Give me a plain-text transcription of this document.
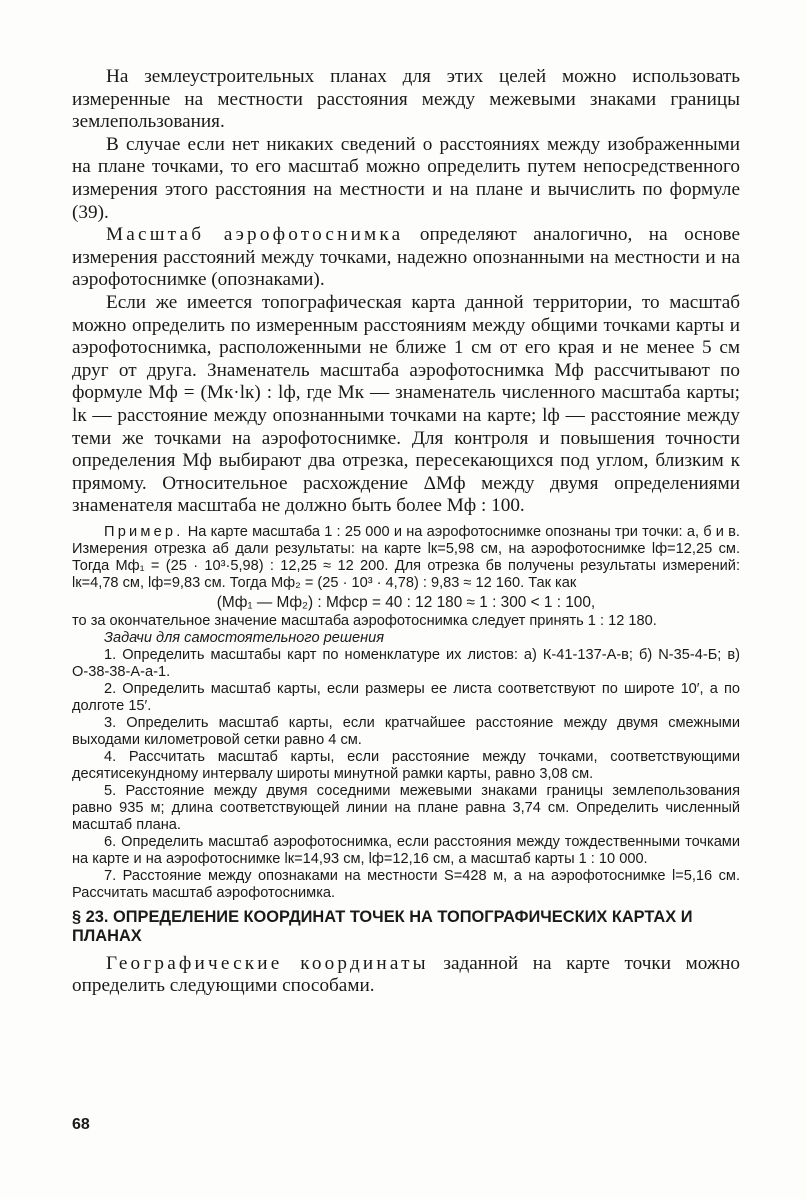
На землеустроительных планах для этих целей можно использовать измеренные на местности расстояния между межевыми знаками границы землепользования.

В случае если нет никаких сведений о расстояниях между изображенными на плане точками, то его масштаб можно определить путем непосредственного измерения этого расстояния на местности и на плане и вычислить по формуле (39).

Масштаб аэрофотоснимка определяют аналогично, на основе измерения расстояний между точками, надежно опознанными на местности и на аэрофотоснимке (опознаками).

Если же имеется топографическая карта данной территории, то масштаб можно определить по измеренным расстояниям между общими точками карты и аэрофотоснимка, расположенными не ближе 1 см от его края и не менее 5 см друг от друга. Знаменатель масштаба аэрофотоснимка Mф рассчитывают по формуле Mф = (Mк·lк) : lф, где Mк — знаменатель численного масштаба карты; lк — расстояние между опознанными точками на карте; lф — расстояние между теми же точками на аэрофотоснимке. Для контроля и повышения точности определения Mф выбирают два отрезка, пересекающихся под углом, близким к прямому. Относительное расхождение ΔMф между двумя определениями знаменателя масштаба не должно быть более Mф : 100.

Пример. На карте масштаба 1 : 25 000 и на аэрофотоснимке опознаны три точки: а, б и в. Измерения отрезка аб дали результаты: на карте lк=5,98 см, на аэрофотоснимке lф=12,25 см. Тогда Mф₁ = (25 · 10³·5,98) : 12,25 ≈ 12 200. Для отрезка бв получены результаты измерений: lк=4,78 см, lф=9,83 см. Тогда Mф₂ = (25 · 10³ · 4,78) : 9,83 ≈ 12 160. Так как

(Mф₁ — Mф₂) : Mфср = 40 : 12 180 ≈ 1 : 300 < 1 : 100,

то за окончательное значение масштаба аэрофотоснимка следует принять 1 : 12 180.

Задачи для самостоятельного решения

1. Определить масштабы карт по номенклатуре их листов: а) К-41-137-А-в; б) N-35-4-Б; в) О-38-38-А-а-1.

2. Определить масштаб карты, если размеры ее листа соответствуют по широте 10′, а по долготе 15′.

3. Определить масштаб карты, если кратчайшее расстояние между двумя смежными выходами километровой сетки равно 4 см.

4. Рассчитать масштаб карты, если расстояние между точками, соответствующими десятисекундному интервалу широты минутной рамки карты, равно 3,08 см.

5. Расстояние между двумя соседними межевыми знаками границы землепользования равно 935 м; длина соответствующей линии на плане равна 3,74 см. Определить численный масштаб плана.

6. Определить масштаб аэрофотоснимка, если расстояния между тождественными точками на карте и на аэрофотоснимке lк=14,93 см, lф=12,16 см, а масштаб карты 1 : 10 000.

7. Расстояние между опознаками на местности S=428 м, а на аэрофотоснимке l=5,16 см. Рассчитать масштаб аэрофотоснимка.

§ 23. ОПРЕДЕЛЕНИЕ КООРДИНАТ ТОЧЕК НА ТОПОГРАФИЧЕСКИХ КАРТАХ И ПЛАНАХ

Географические координаты заданной на карте точки можно определить следующими способами.

68
